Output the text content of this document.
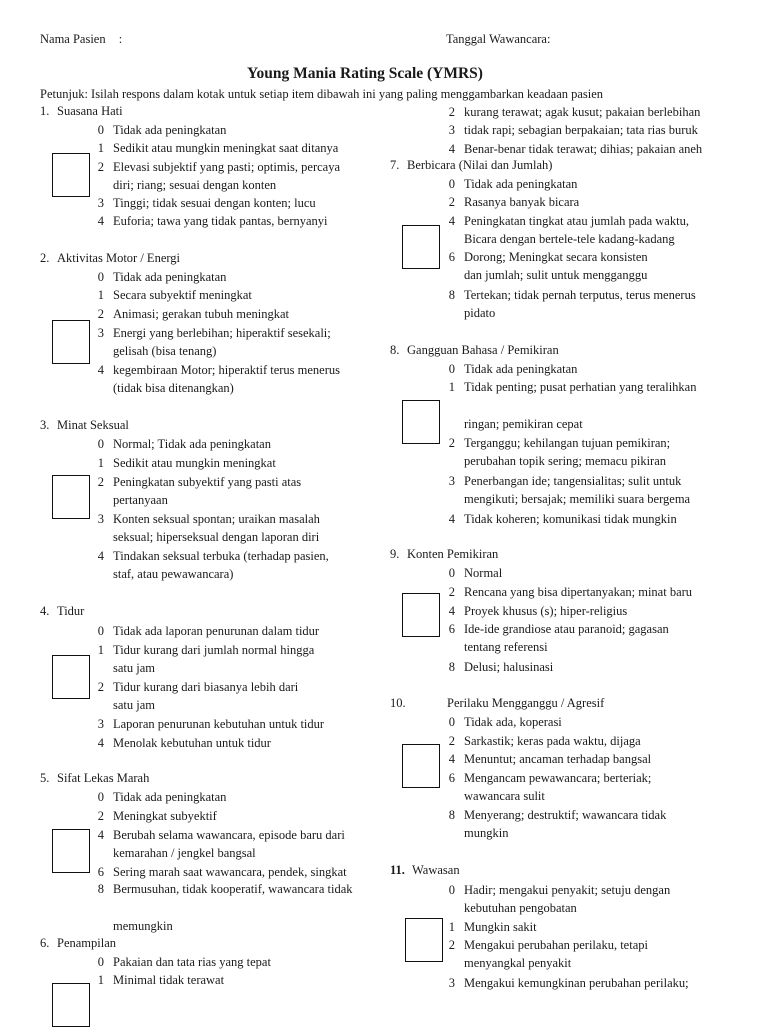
Nama Pasien :	Tanggal Wawancara:
Young Mania Rating Scale (YMRS)
Petunjuk: Isilah respons dalam kotak untuk setiap item dibawah ini yang paling menggambarkan keadaan pasien
1. Suasana Hati
0 Tidak ada peningkatan
1 Sedikit atau mungkin meningkat saat ditanya
2 Elevasi subjektif yang pasti; optimis, percaya
diri; riang; sesuai dengan konten
3 Tinggi; tidak sesuai dengan konten; lucu
4 Euforia; tawa yang tidak pantas, bernyanyi
2. Aktivitas Motor / Energi
0 Tidak ada peningkatan
1 Secara subyektif meningkat
2 Animasi; gerakan tubuh meningkat
3 Energi yang berlebihan; hiperaktif sesekali;
gelisah (bisa tenang)
4 kegembiraan Motor; hiperaktif terus menerus
(tidak bisa ditenangkan)
3. Minat Seksual
0 Normal; Tidak ada peningkatan
1 Sedikit atau mungkin meningkat
2 Peningkatan subyektif yang pasti atas
pertanyaan
3 Konten seksual spontan; uraikan masalah
seksual; hiperseksual dengan laporan diri
4 Tindakan seksual terbuka (terhadap pasien,
staf, atau pewawancara)
4. Tidur
0 Tidak ada laporan penurunan dalam tidur
1 Tidur kurang dari jumlah normal hingga
satu jam
2 Tidur kurang dari biasanya lebih dari
satu jam
3 Laporan penurunan kebutuhan untuk tidur
4 Menolak kebutuhan untuk tidur
5. Sifat Lekas Marah
0 Tidak ada peningkatan
2 Meningkat subyektif
4 Berubah selama wawancara, episode baru dari
kemarahan / jengkel bangsal
6 Sering marah saat wawancara, pendek, singkat
8 Bermusuhan, tidak kooperatif, wawancara tidak
memungkin
6. Penampilan
0 Pakaian dan tata rias yang tepat
1 Minimal tidak terawat
2 kurang terawat; agak kusut; pakaian berlebihan
3 tidak rapi; sebagian berpakaian; tata rias buruk
4 Benar-benar tidak terawat; dihias; pakaian aneh
7. Berbicara (Nilai dan Jumlah)
0 Tidak ada peningkatan
2 Rasanya banyak bicara
4 Peningkatan tingkat atau jumlah pada waktu,
Bicara dengan bertele-tele kadang-kadang
6 Dorong; Meningkat secara konsisten
dan jumlah; sulit untuk mengganggu
8 Tertekan; tidak pernah terputus, terus menerus
pidato
8. Gangguan Bahasa / Pemikiran
0 Tidak ada peningkatan
1 Tidak penting; pusat perhatian yang teralihkan
ringan; pemikiran cepat
2 Terganggu; kehilangan tujuan pemikiran;
perubahan topik sering; memacu pikiran
3 Penerbangan ide; tangensialitas; sulit untuk
mengikuti; bersajak; memiliki suara bergema
4 Tidak koheren; komunikasi tidak mungkin
9. Konten Pemikiran
0 Normal
2 Rencana yang bisa dipertanyakan; minat baru
4 Proyek khusus (s); hiper-religius
6 Ide-ide grandiose atau paranoid; gagasan
tentang referensi
8 Delusi; halusinasi
10.	Perilaku Mengganggu / Agresif
0 Tidak ada, koperasi
2 Sarkastik; keras pada waktu, dijaga
4 Menuntut; ancaman terhadap bangsal
6 Mengancam pewawancara; berteriak;
wawancara sulit
8 Menyerang; destruktif; wawancara tidak
mungkin
11. Wawasan
0 Hadir; mengakui penyakit; setuju dengan
kebutuhan pengobatan
1 Mungkin sakit
2 Mengakui perubahan perilaku, tetapi
menyangkal penyakit
3 Mengakui kemungkinan perubahan perilaku;
